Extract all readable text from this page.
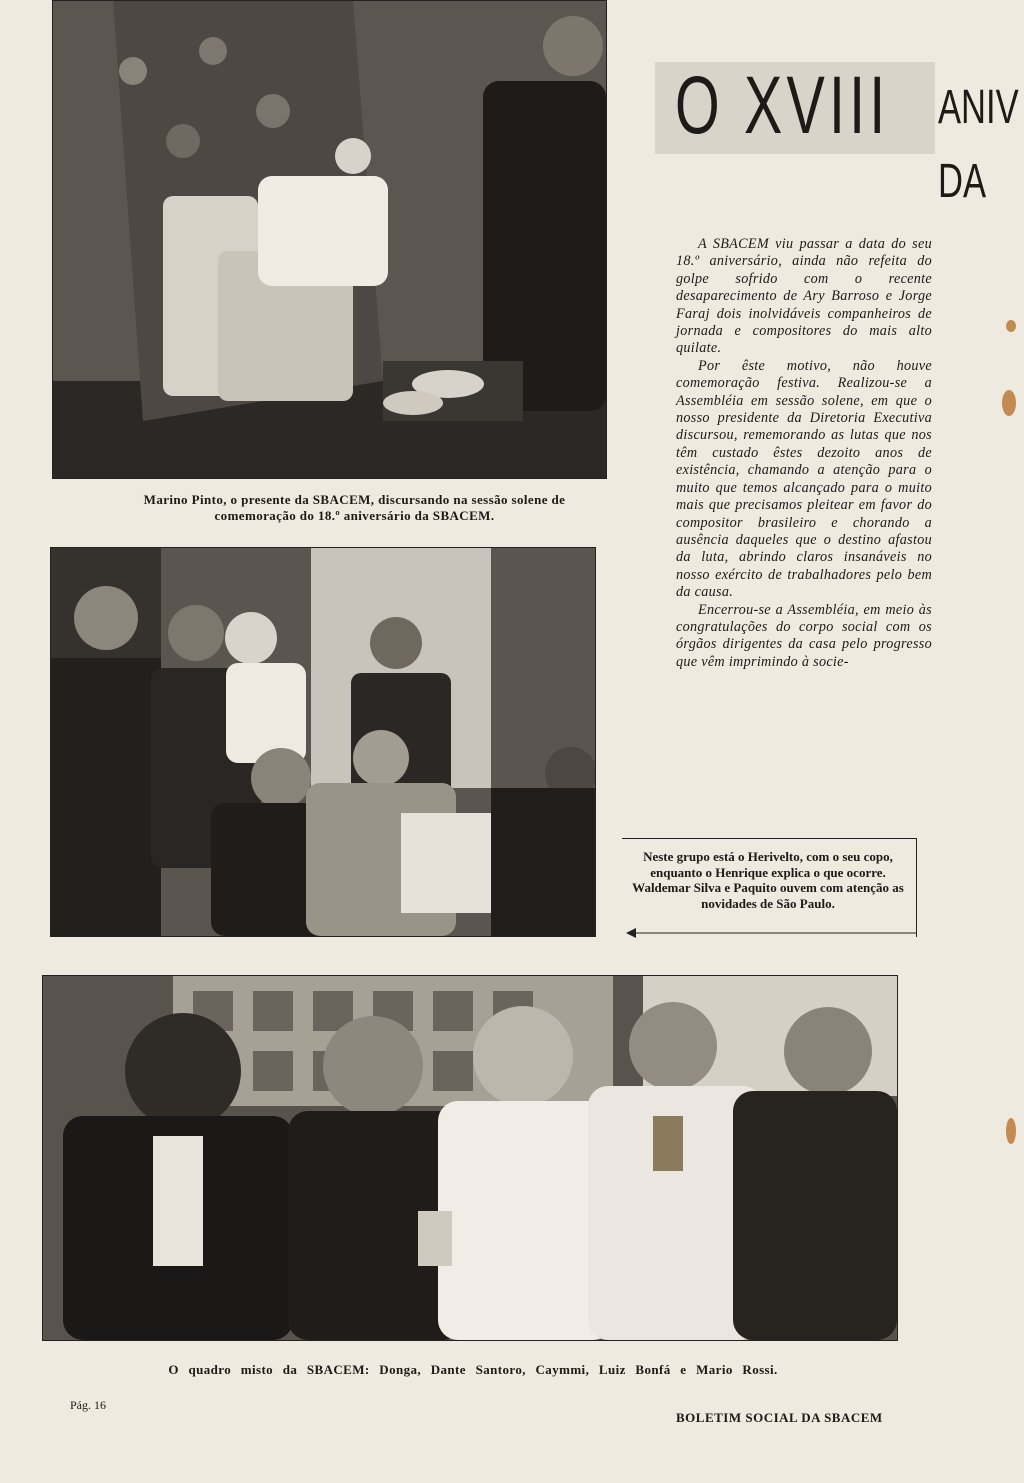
Marino Pinto, o presente da SBACEM, discursando na sessão solene de comemoração do 18.º aniversário da SBACEM.
O XVIII ANIV
DA

A SBACEM viu passar a data do seu 18.º aniversário, ainda não refeita do golpe sofrido com o recente desaparecimento de Ary Barroso e Jorge Faraj dois inolvidáveis companheiros de jornada e compositores do mais alto quilate.

Por êste motivo, não houve comemoração festiva. Realizou-se a Assembléia em sessão solene, em que o nosso presidente da Diretoria Executiva discursou, rememorando as lutas que nos têm custado êstes dezoito anos de existência, chamando a atenção para o muito que temos alcançado para o muito mais que precisamos pleitear em favor do compositor brasileiro e chorando a ausência daqueles que o destino afastou da luta, abrindo claros insanáveis no nosso exército de trabalhadores pelo bem da causa.

Encerrou-se a Assembléia, em meio às congratulações do corpo social com os órgãos dirigentes da casa pelo progresso que vêm imprimindo à socie-

Neste grupo está o Herivelto, com o seu copo, enquanto o Henrique explica o que ocorre. Waldemar Silva e Paquito ouvem com atenção as novidades de São Paulo.
O quadro misto da SBACEM: Donga, Dante Santoro, Caymmi, Luiz Bonfá e Mario Rossi.
Pág. 16
BOLETIM SOCIAL DA SBACEM
